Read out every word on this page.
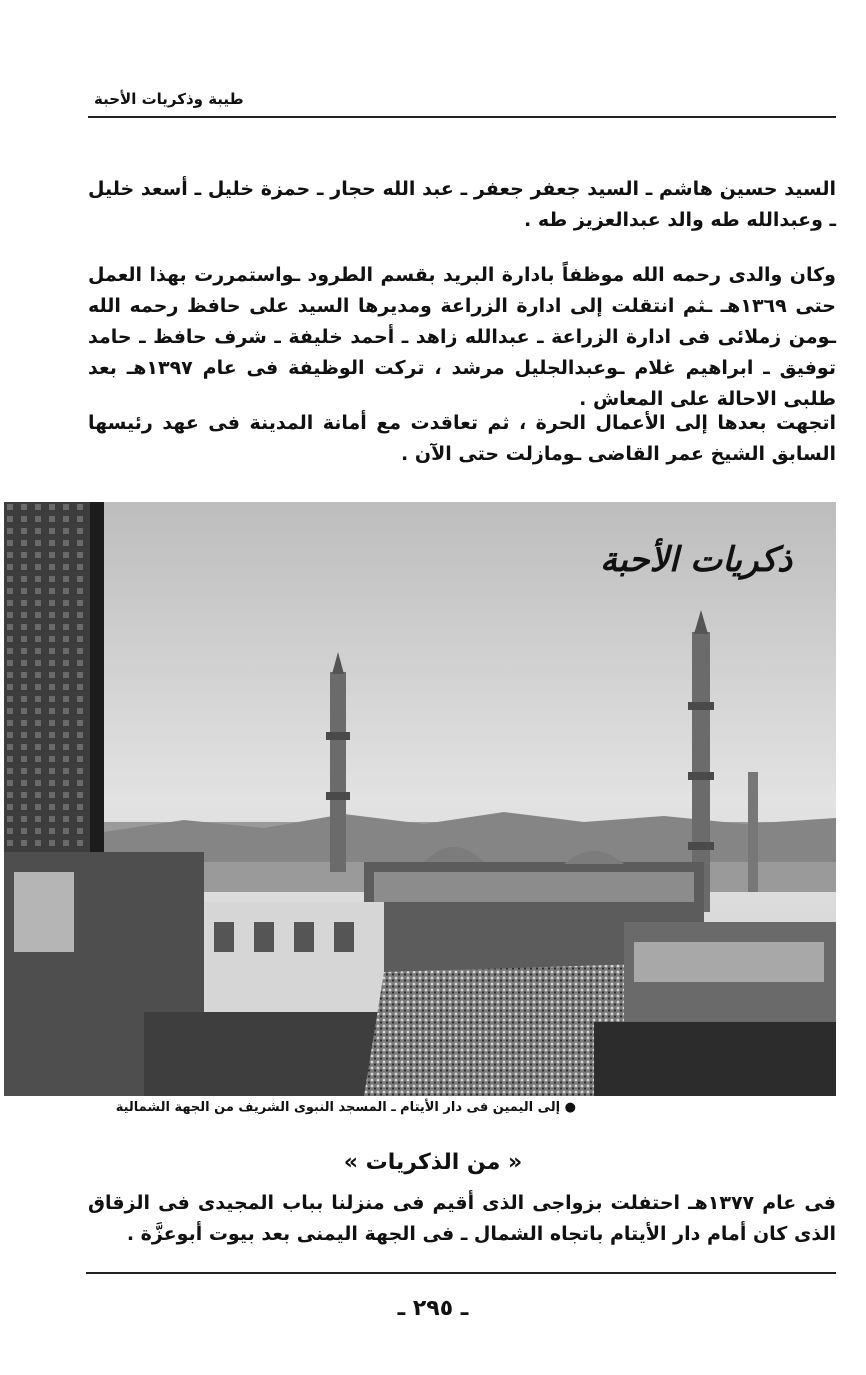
طيبة وذكريات الأحبة

السيد حسين هاشم ـ السيد جعفر جعفر ـ عبد الله حجار ـ حمزة خليل ـ أسعد خليل ـ وعبدالله طه والد عبدالعزيز طه .

وكان والدى رحمه الله موظفاً بادارة البريد بقسم الطرود ـواستمررت بهذا العمل حتى ١٣٦٩هـ ـثم انتقلت إلى ادارة الزراعة ومديرها السيد على حافظ رحمه الله ـومن زملائى فى ادارة الزراعة ـ عبدالله زاهد ـ أحمد خليفة ـ شرف حافظ ـ حامد توفيق ـ ابراهيم غلام ـوعبدالجليل مرشد ، تركت الوظيفة فى عام ١٣٩٧هـ بعد طلبى الاحالة على المعاش .

اتجهت بعدها إلى الأعمال الحرة ، ثم تعاقدت مع أمانة المدينة فى عهد رئيسها السابق الشيخ عمر القاضى ـومازلت حتى الآن .

ذكريات الأحبة
● إلى اليمين فى دار الأيتام ـ المسجد النبوى الشريف من الجهة الشمالية
« من الذكريات »

فى عام ١٣٧٧هـ احتفلت بزواجى الذى أقيم فى منزلنا بباب المجيدى فى الزقاق الذى كان أمام دار الأيتام باتجاه الشمال ـ فى الجهة اليمنى بعد بيوت أبوعزَّة .

ـ ٢٩٥ ـ
